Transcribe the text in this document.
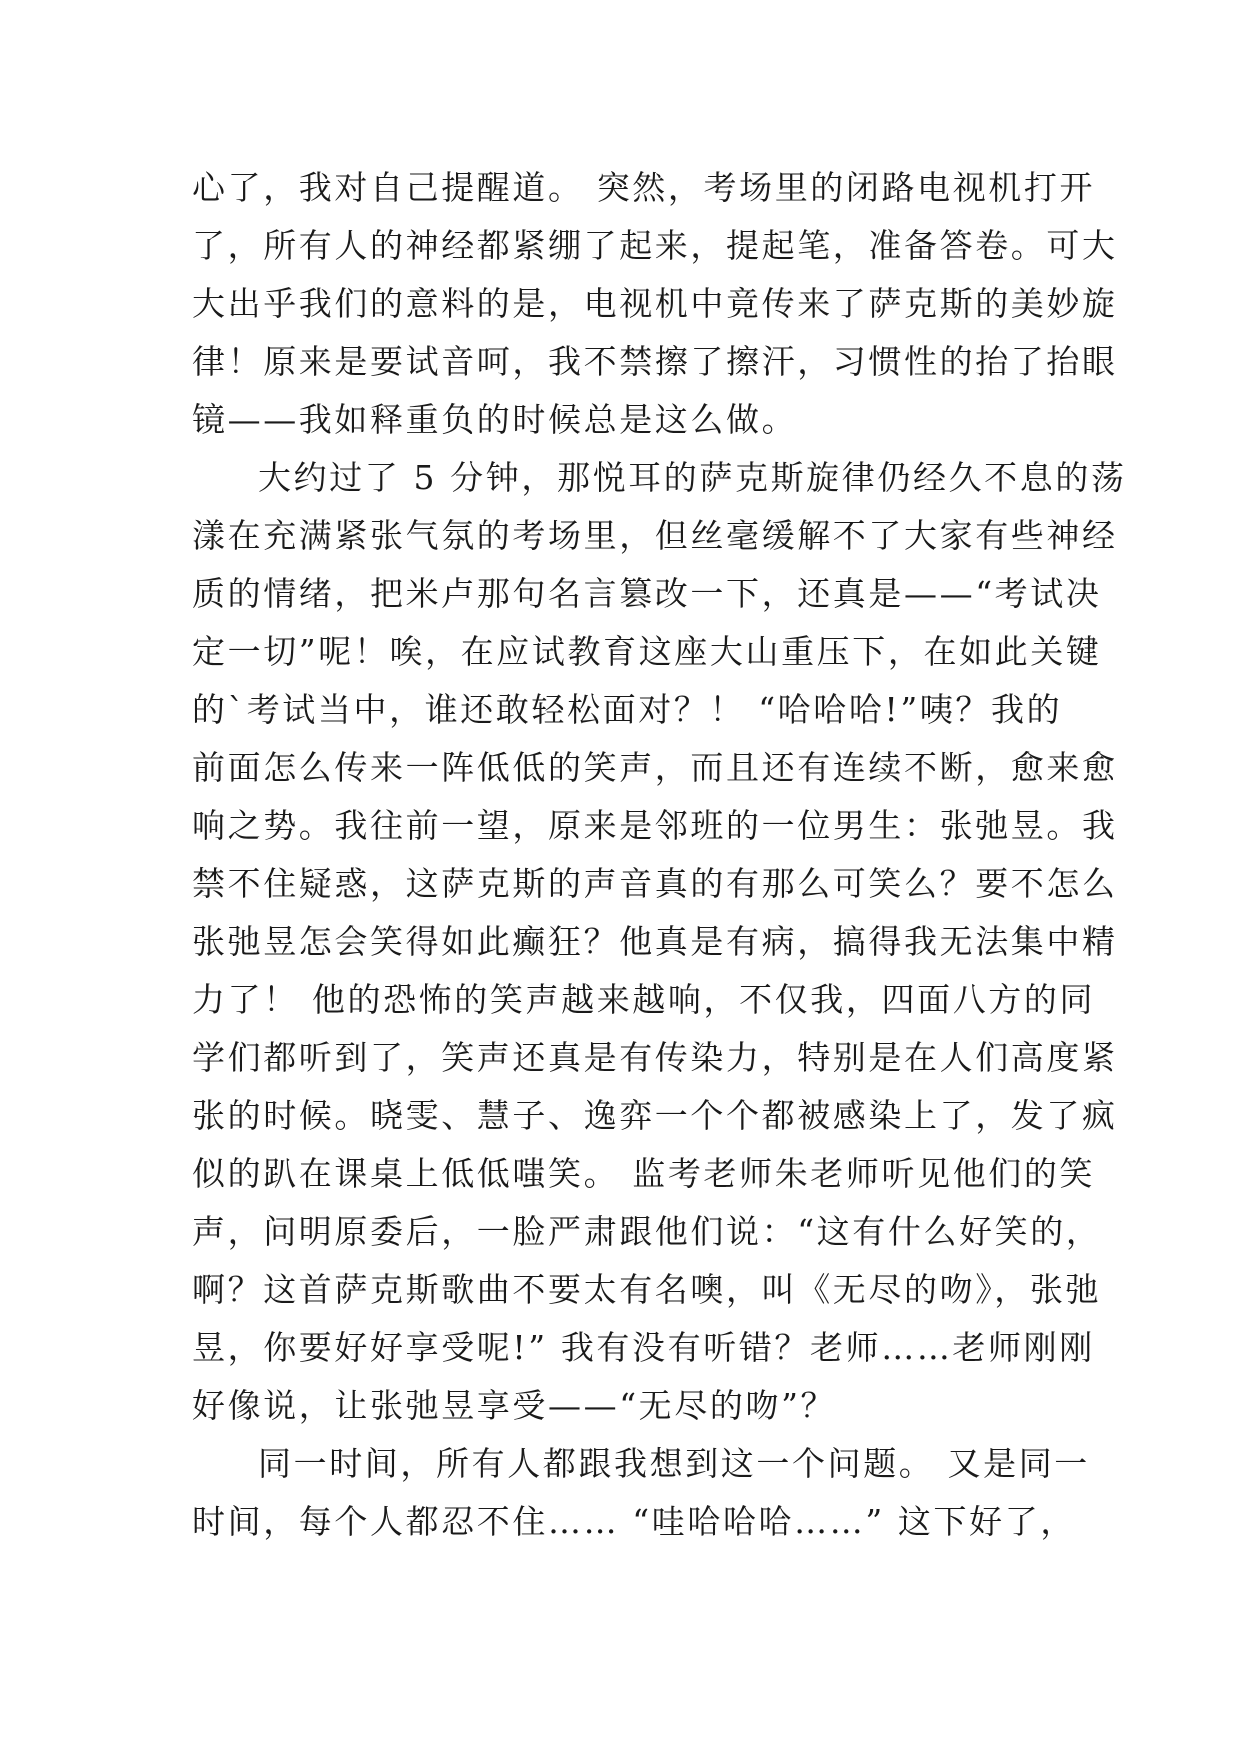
心了，我对自己提醒道。 突然，考场里的闭路电视机打开
了，所有人的神经都紧绷了起来，提起笔，准备答卷。可大
大出乎我们的意料的是，电视机中竟传来了萨克斯的美妙旋
律！原来是要试音呵，我不禁擦了擦汗，习惯性的抬了抬眼
镜——我如释重负的时候总是这么做。
大约过了 5 分钟，那悦耳的萨克斯旋律仍经久不息的荡
漾在充满紧张气氛的考场里，但丝毫缓解不了大家有些神经
质的情绪，把米卢那句名言篡改一下，还真是——“考试决
定一切”呢！唉，在应试教育这座大山重压下，在如此关键
的`考试当中，谁还敢轻松面对？！ “哈哈哈!”咦？我的
前面怎么传来一阵低低的笑声，而且还有连续不断，愈来愈
响之势。我往前一望，原来是邻班的一位男生：张弛昱。我
禁不住疑惑，这萨克斯的声音真的有那么可笑么？要不怎么
张弛昱怎会笑得如此癫狂？他真是有病，搞得我无法集中精
力了！ 他的恐怖的笑声越来越响，不仅我，四面八方的同
学们都听到了，笑声还真是有传染力，特别是在人们高度紧
张的时候。晓雯、慧子、逸弈一个个都被感染上了，发了疯
似的趴在课桌上低低嗤笑。 监考老师朱老师听见他们的笑
声，问明原委后，一脸严肃跟他们说：“这有什么好笑的，
啊？这首萨克斯歌曲不要太有名噢，叫《无尽的吻》，张弛
昱，你要好好享受呢!” 我有没有听错？老师……老师刚刚
好像说，让张弛昱享受——“无尽的吻”？
同一时间，所有人都跟我想到这一个问题。 又是同一
时间，每个人都忍不住…… “哇哈哈哈……” 这下好了，
